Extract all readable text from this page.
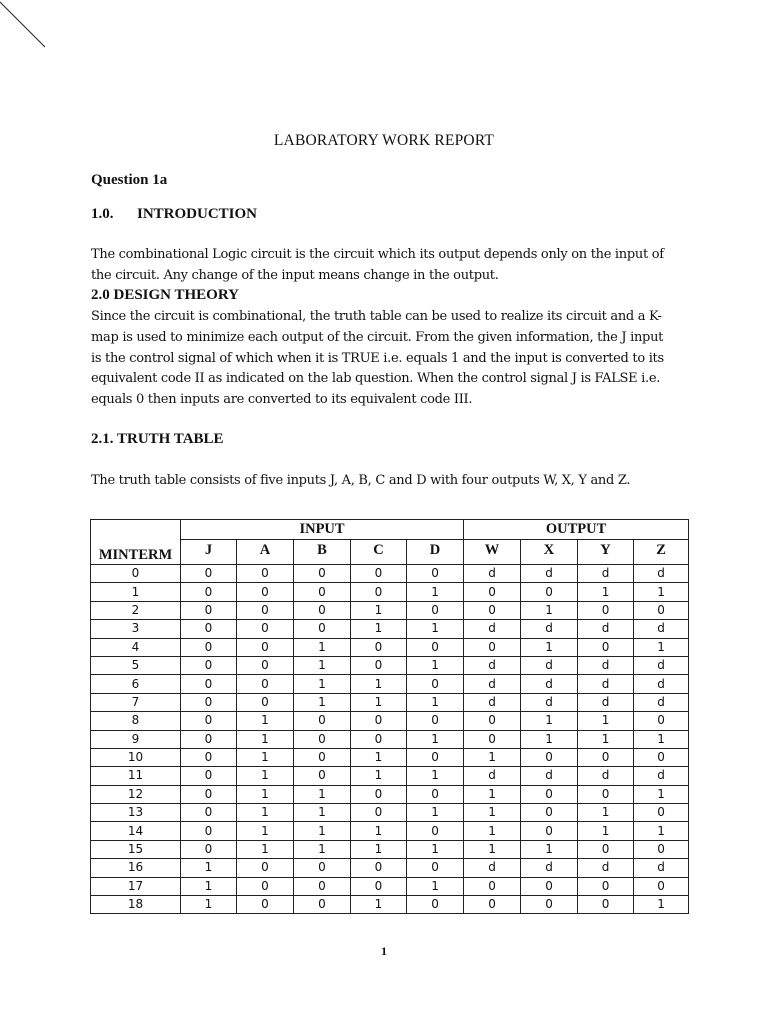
LABORATORY WORK REPORT
Question 1a
1.0. INTRODUCTION
The combinational Logic circuit is the circuit which its output depends only on the input of the circuit. Any change of the input means change in the output.
2.0 DESIGN THEORY
Since the circuit is combinational, the truth table can be used to realize its circuit and a K-map is used to minimize each output of the circuit. From the given information, the J input is the control signal of which when it is TRUE i.e. equals 1 and the input is converted to its equivalent code II as indicated on the lab question. When the control signal J is FALSE i.e. equals 0 then inputs are converted to its equivalent code III.
2.1. TRUTH TABLE
The truth table consists of five inputs J, A, B, C and D with four outputs W, X, Y and Z.
MINTERM	INPUT					OUTPUT			
	J	A	B	C	D	W	X	Y	Z
0	0	0	0	0	0	d	d	d	d
1	0	0	0	0	1	0	0	1	1
2	0	0	0	1	0	0	1	0	0
3	0	0	0	1	1	d	d	d	d
4	0	0	1	0	0	0	1	0	1
5	0	0	1	0	1	d	d	d	d
6	0	0	1	1	0	d	d	d	d
7	0	0	1	1	1	d	d	d	d
8	0	1	0	0	0	0	1	1	0
9	0	1	0	0	1	0	1	1	1
10	0	1	0	1	0	1	0	0	0
11	0	1	0	1	1	d	d	d	d
12	0	1	1	0	0	1	0	0	1
13	0	1	1	0	1	1	0	1	0
14	0	1	1	1	0	1	0	1	1
15	0	1	1	1	1	1	1	0	0
16	1	0	0	0	0	d	d	d	d
17	1	0	0	0	1	0	0	0	0
18	1	0	0	1	0	0	0	0	1
1
